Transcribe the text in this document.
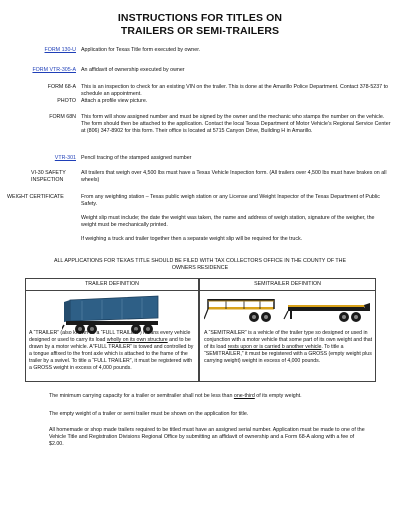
INSTRUCTIONS FOR TITLES ON
TRAILERS OR SEMI-TRAILERS
FORM 130-U Application for Texas Title form executed by owner.
FORM VTR-305-A An affidavit of ownership executed by owner
FORM 68-A This is an inspection to check for an existing VIN on the trailer. This is done at the Amarillo Police Department. Contact 378-5237 to schedule an appointment.
PHOTO Attach a profile view picture.
FORM 68N This form will show assigned number and must be signed by the owner and the mechanic who stamps the number on the vehicle. The form should then be attached to the application. Contact the local Texas Department of Motor Vehicle's Regional Service Center at (806) 347-8902 for this form. Their office is located at 5715 Canyon Drive, Building H in Amarillo.
VTR-301 Pencil tracing of the stamped assigned number
VI-30 SAFETY INSPECTION
All trailers that weigh over 4,500 lbs must have a Texas Vehicle Inspection form. (All trailers over 4,500 lbs must have brakes on all wheels)
WEIGHT CERTIFICATE	From any weighting station – Texas public weigh station or any License and Weight Inspector of the Texas Department of Public Safety.

Weight slip must include; the date the weight was taken, the name and address of weigh station, signature of the weigher, the weight must be mechanically printed.

If weighing a truck and trailer together then a separate weight slip will be required for the truck.

ALL APPLICATIONS FOR TEXAS TITLE SHOULD BE FILED WITH TAX COLLECTORS OFFICE IN THE COUNTY OF THE
OWNERS RESIDENCE
TRAILER DEFINITION
A “TRAILER” (also known as a “FULL TRAILER”) means every vehicle designed or used to carry its load wholly on its own structure and to be drawn by a motor vehicle. A”FULL TRAILER” is towed and controlled by a tongue affixed to the front axle which is attached to the frame of the trailer by a swivel. To title a “FULL TRAILER”, it must be registered with a GROSS weight in excess of 4,000 pounds.
SEMITRAILER DEFINITION
A “SEMITRAILER” is a vehicle of the trailer type so designed or used in conjunction with a motor vehicle that some part of its own weight and that of its load rests upon or is carried b another vehicle. To title a “SEMITRAILER,” it must be registered with a GROSS (empty weight plus carrying weight) weight in excess of 4,000 pounds.
The minimum carrying capacity for a trailer or semitrailer shall not be less than one-third of its empty weight.
The empty weight of a trailer or semi trailer must be shown on the application for title.
All homemade or shop made trailers required to be titled must have an assigned serial number. Application must be made to one of the Vehicle Title and Registration Divisions Regional Office by submitting an affidavit of ownership and a Form 68-A along with a fee of $2.00.
